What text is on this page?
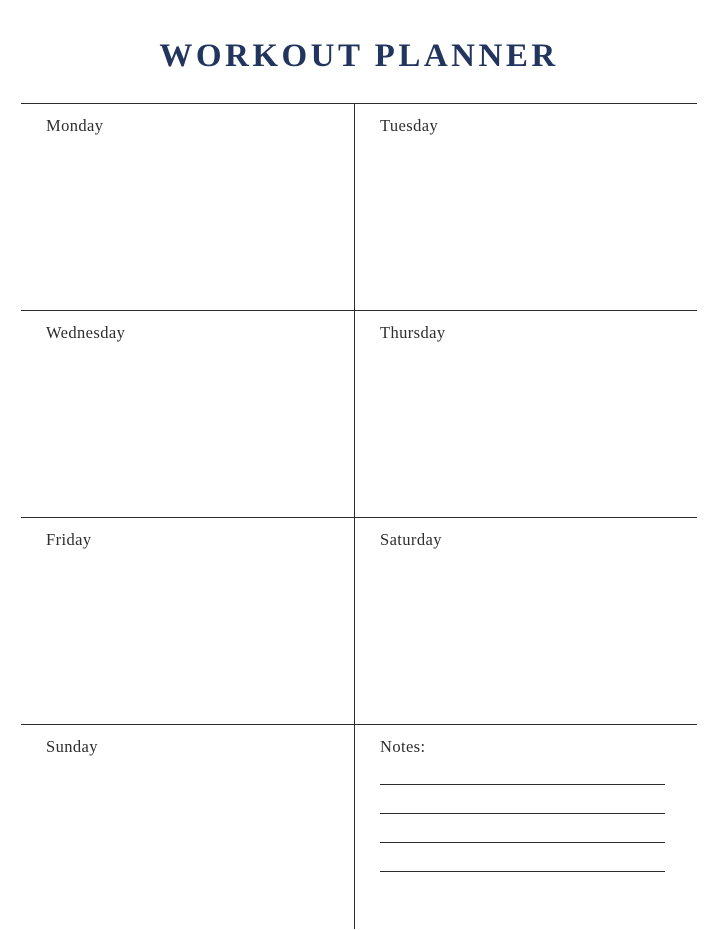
WORKOUT PLANNER
Monday	Tuesday
Wednesday	Thursday
Friday	Saturday
Sunday	Notes:
